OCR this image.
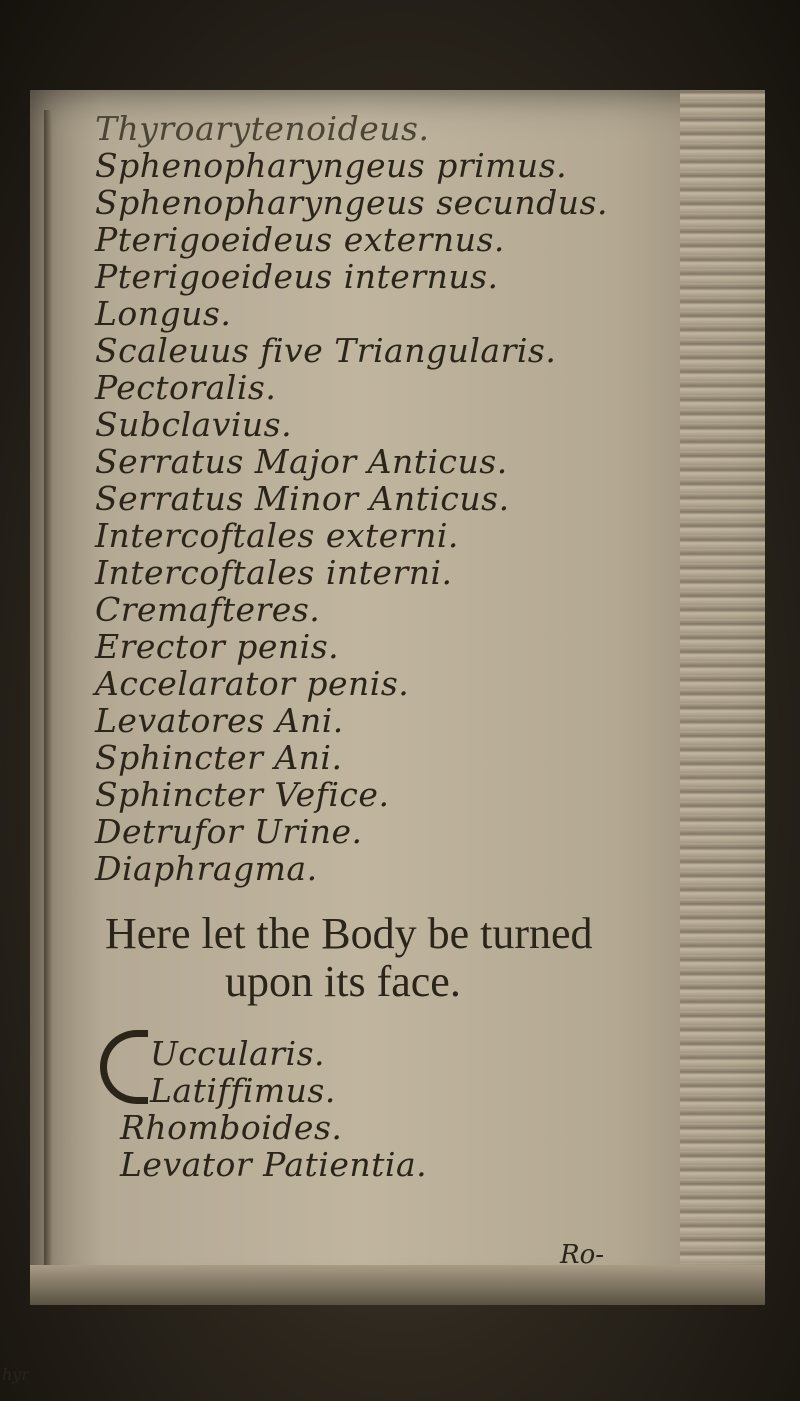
hyr
Thyroarytenoideus.
Sphenopharyngeus primus.
Sphenopharyngeus secundus.
Pterigoeideus externus.
Pterigoeideus internus.
Longus.
Scaleuus five Triangularis.
Pectoralis.
Subclavius.
Serratus Major Anticus.
Serratus Minor Anticus.
Intercoftales externi.
Intercoftales interni.
Cremafteres.
Erector penis.
Accelarator penis.
Levatores Ani.
Sphincter Ani.
Sphincter Vefice.
Detrufor Urine.
Diaphragma.
Here let the Body be turned
upon its face.
Uccularis.
Latiffimus.
Rhomboides.
Levator Patientia.
Ro-
